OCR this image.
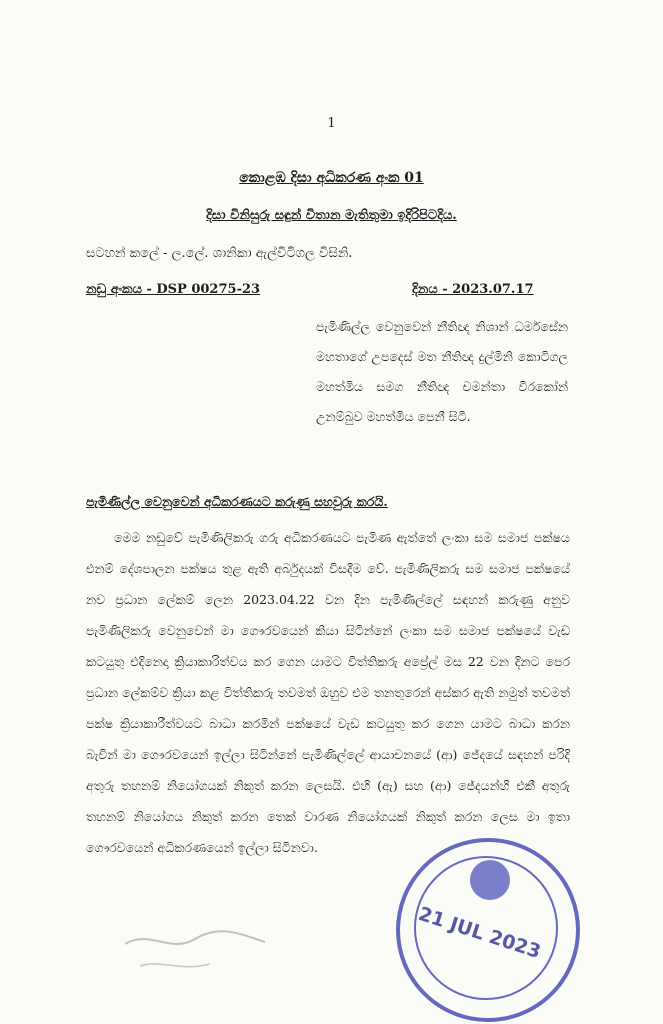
1
කොළඹ දිසා අධිකරණ අංක 01
දිසා විනිසුරු සඳුන් විතාන මැතිතුමා ඉදිරිපිටදිය.
සටහන් කලේ - ල.ලේ. ශානිකා ඇල්විටිගල විසිනි.
නඩු අංකය - DSP 00275-23	දිනය - 2023.07.17
පැමිණිල්ල වෙනුවෙන් නීතිඥ නිශාන් ධර්මසේන මහතාගේ උපදෙස් මත නීතිඥ දුල්මිනි කොටිගල මහත්මිය සමග නීතිඥ චමන්තා වීරකෝන් උනම්බුව මහත්මිය පෙනී සිටී.
පැමිණිල්ල වෙනුවෙන් අධිකරණයට කරුණු සහවුරු කරයි.
මෙම නඩුවේ පැමිණිලිකරු ගරු අධිකරණයට පැමිණ ඇත්තේ ලංකා සම සමාජ පක්ෂය එනම් දේශපාලන පක්ෂය තුළ ඇති අර්බුදයක් විසදීම වේ. පැමිණිලිකරු සම සමාජ පක්ෂයේ නව ප්‍රධාන ලේකම් ලෙන 2023.04.22 වන දින පැමිණිල්ලේ සඳහන් කරුණු අනුව පැමිණිලිකරු වෙනුවෙන් මා ගෞරවයෙන් කියා සිටින්නේ ලංකා සම සමාජ පක්ෂයේ වැඩ කටයුතු එදිනෙදා ක්‍රියාකාරිත්වය කර ගෙන යාමට විත්තිකරු අප්‍රේල් මස 22 වන දිනට පෙර ප්‍රධාන ලේකම්ව ක්‍රියා කළ විත්තිකරු තවමත් ඔහුව එම තනතුරෙන් අස්කර ඇති නමුත් තවමත් පක්ෂ ක්‍රියාකාරීත්වයට බාධා කරමින් පක්ෂයේ වැඩ කටයුතු කර ගෙන යාමට බාධා කරන බැවින් මා ගෞරවයෙන් ඉල්ලා සිටින්නේ පැමිණිල්ලේ ආයාචනයේ (ආ) ජේදයේ සඳහන් පරිදි අතුරු තහනම් නියෝගයක් නිකුත් කරන ලෙසයි. එහි (ඇ) සහ (ආ) ජේදයන්හි එකී අතුරු තහනම් නියෝගය නිකුත් කරන තෙක් වාරණ නියෝගයක් නිකුත් කරන ලෙස මා ඉතා ගෞරවයෙන් අධිකරණයෙන් ඉල්ලා සිටිනවා.
21 JUL 2023
